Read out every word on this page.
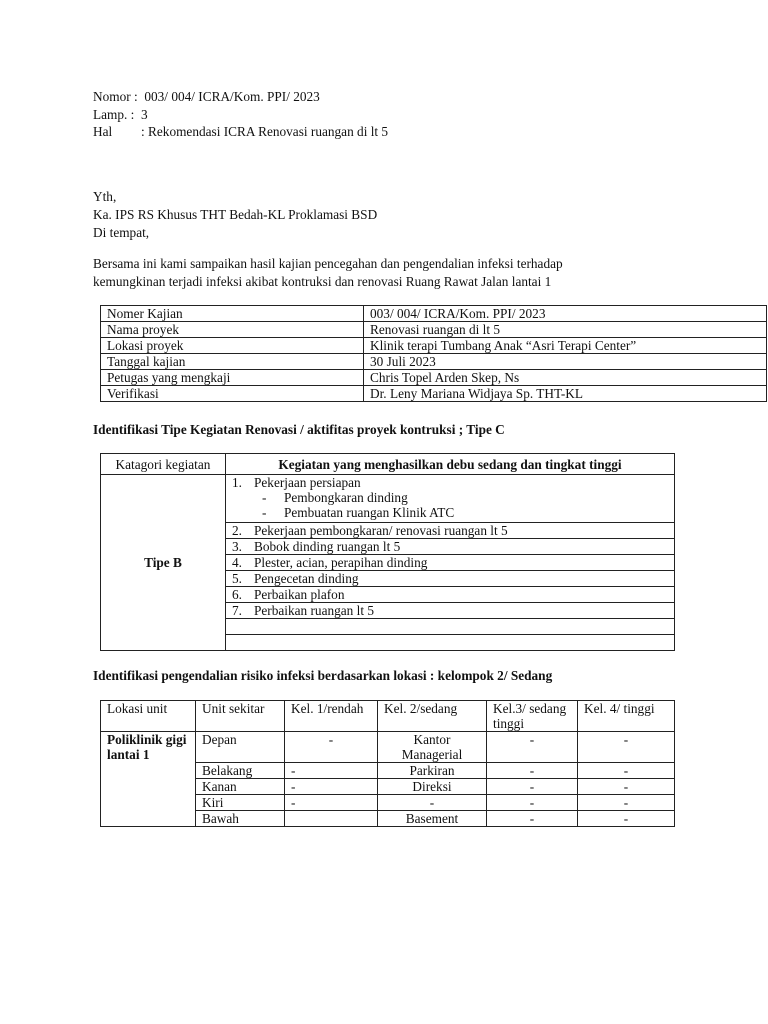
Nomor : 003/ 004/ ICRA/Kom. PPI/ 2023
Lamp. : 3
Hal : Rekomendasi ICRA Renovasi ruangan di lt 5
Yth,
Ka. IPS RS Khusus THT Bedah-KL Proklamasi BSD
Di tempat,
Bersama ini kami sampaikan hasil kajian pencegahan dan pengendalian infeksi terhadap
kemungkinan terjadi infeksi akibat kontruksi dan renovasi Ruang Rawat Jalan lantai 1
Nomer Kajian	003/ 004/ ICRA/Kom. PPI/ 2023
Nama proyek	Renovasi ruangan di lt 5
Lokasi proyek	Klinik terapi Tumbang Anak “Asri Terapi Center”
Tanggal kajian	30 Juli 2023
Petugas yang mengkaji	Chris Topel Arden Skep, Ns
Verifikasi	Dr. Leny Mariana Widjaya Sp. THT-KL
Identifikasi Tipe Kegiatan Renovasi / aktifitas proyek kontruksi ; Tipe C
Katagori kegiatan	Kegiatan yang menghasilkan debu sedang dan tingkat tinggi
Tipe B	1. Pekerjaan persiapan
- Pembongkaran dinding
- Pembuatan ruangan Klinik ATC

	2. Pekerjaan pembongkaran/ renovasi ruangan lt 5
	3. Bobok dinding ruangan lt 5
	4. Plester, acian, perapihan dinding
	5. Pengecetan dinding
	6. Perbaikan plafon
	7. Perbaikan ruangan lt 5

Identifikasi pengendalian risiko infeksi berdasarkan lokasi : kelompok 2/ Sedang
Lokasi unit	Unit sekitar	Kel. 1/rendah	Kel. 2/sedang	Kel.3/ sedang tinggi	Kel. 4/ tinggi
Poliklinik gigi lantai 1	Depan	-	Kantor Managerial	-	-
	Belakang	-	Parkiran	-	-
	Kanan	-	Direksi	-	-
	Kiri	-	-	-	-
	Bawah		Basement	-	-
